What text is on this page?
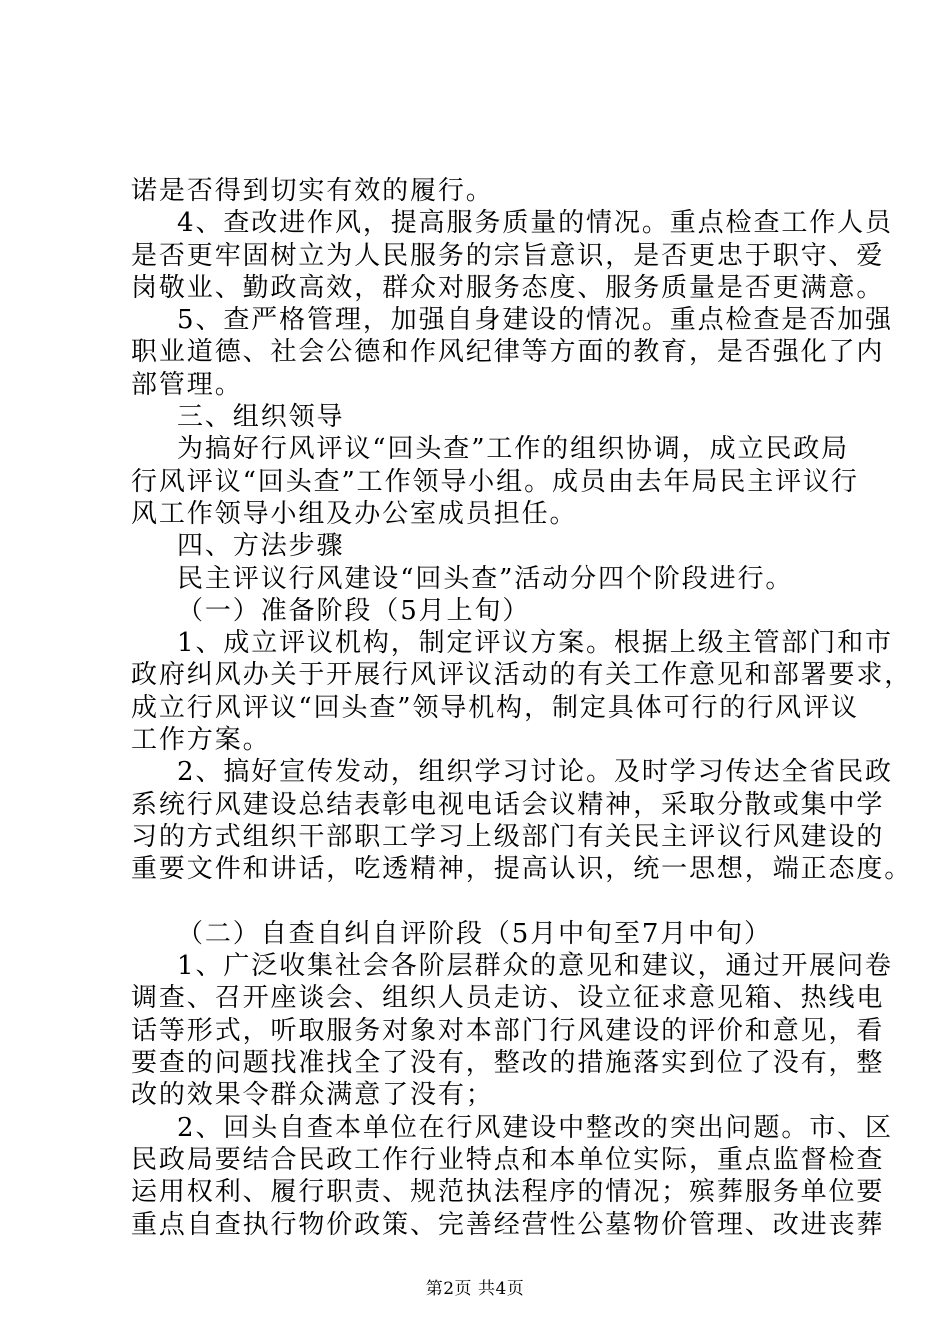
诺是否得到切实有效的履行。
4、查改进作风，提高服务质量的情况。重点检查工作人员
是否更牢固树立为人民服务的宗旨意识，是否更忠于职守、爱
岗敬业、勤政高效，群众对服务态度、服务质量是否更满意。
5、查严格管理，加强自身建设的情况。重点检查是否加强
职业道德、社会公德和作风纪律等方面的教育，是否强化了内
部管理。
三、组织领导
为搞好行风评议“回头查”工作的组织协调，成立民政局
行风评议“回头查”工作领导小组。成员由去年局民主评议行
风工作领导小组及办公室成员担任。
四、方法步骤
民主评议行风建设“回头查”活动分四个阶段进行。
（一）准备阶段（5月上旬）
1、成立评议机构，制定评议方案。根据上级主管部门和市
政府纠风办关于开展行风评议活动的有关工作意见和部署要求，
成立行风评议“回头查”领导机构，制定具体可行的行风评议
工作方案。
2、搞好宣传发动，组织学习讨论。及时学习传达全省民政
系统行风建设总结表彰电视电话会议精神，采取分散或集中学
习的方式组织干部职工学习上级部门有关民主评议行风建设的
重要文件和讲话，吃透精神，提高认识，统一思想，端正态度。
（二）自查自纠自评阶段（5月中旬至7月中旬）
1、广泛收集社会各阶层群众的意见和建议，通过开展问卷
调查、召开座谈会、组织人员走访、设立征求意见箱、热线电
话等形式，听取服务对象对本部门行风建设的评价和意见，看
要查的问题找准找全了没有，整改的措施落实到位了没有，整
改的效果令群众满意了没有；
2、回头自查本单位在行风建设中整改的突出问题。市、区
民政局要结合民政工作行业特点和本单位实际，重点监督检查
运用权利、履行职责、规范执法程序的情况；殡葬服务单位要
重点自查执行物价政策、完善经营性公墓物价管理、改进丧葬
第2页 共4页
